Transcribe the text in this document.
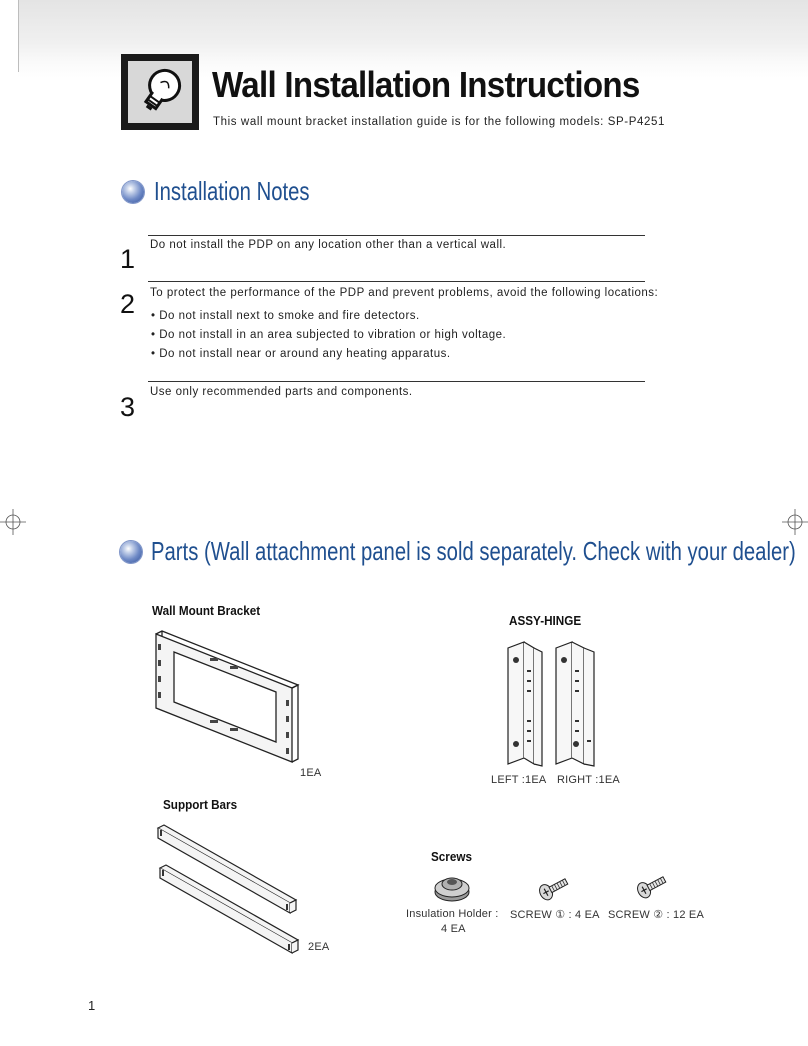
Wall Installation Instructions
This wall mount bracket installation guide is for the following models: SP-P4251
Installation Notes
1 Do not install the PDP on any location other than a vertical wall.
2 To protect the performance of the PDP and prevent problems, avoid the following locations:
• Do not install next to smoke and fire detectors.
• Do not install in an area subjected to vibration or high voltage.
• Do not install near or around any heating apparatus.
3 Use only recommended parts and components.
Parts (Wall attachment panel is sold separately. Check with your dealer)
Wall Mount Bracket
1EA
ASSY-HINGE
LEFT :1EA RIGHT :1EA
Support Bars
2EA
Screws
Insulation Holder :
4 EA
SCREW ① : 4 EA SCREW ② : 12 EA
1
